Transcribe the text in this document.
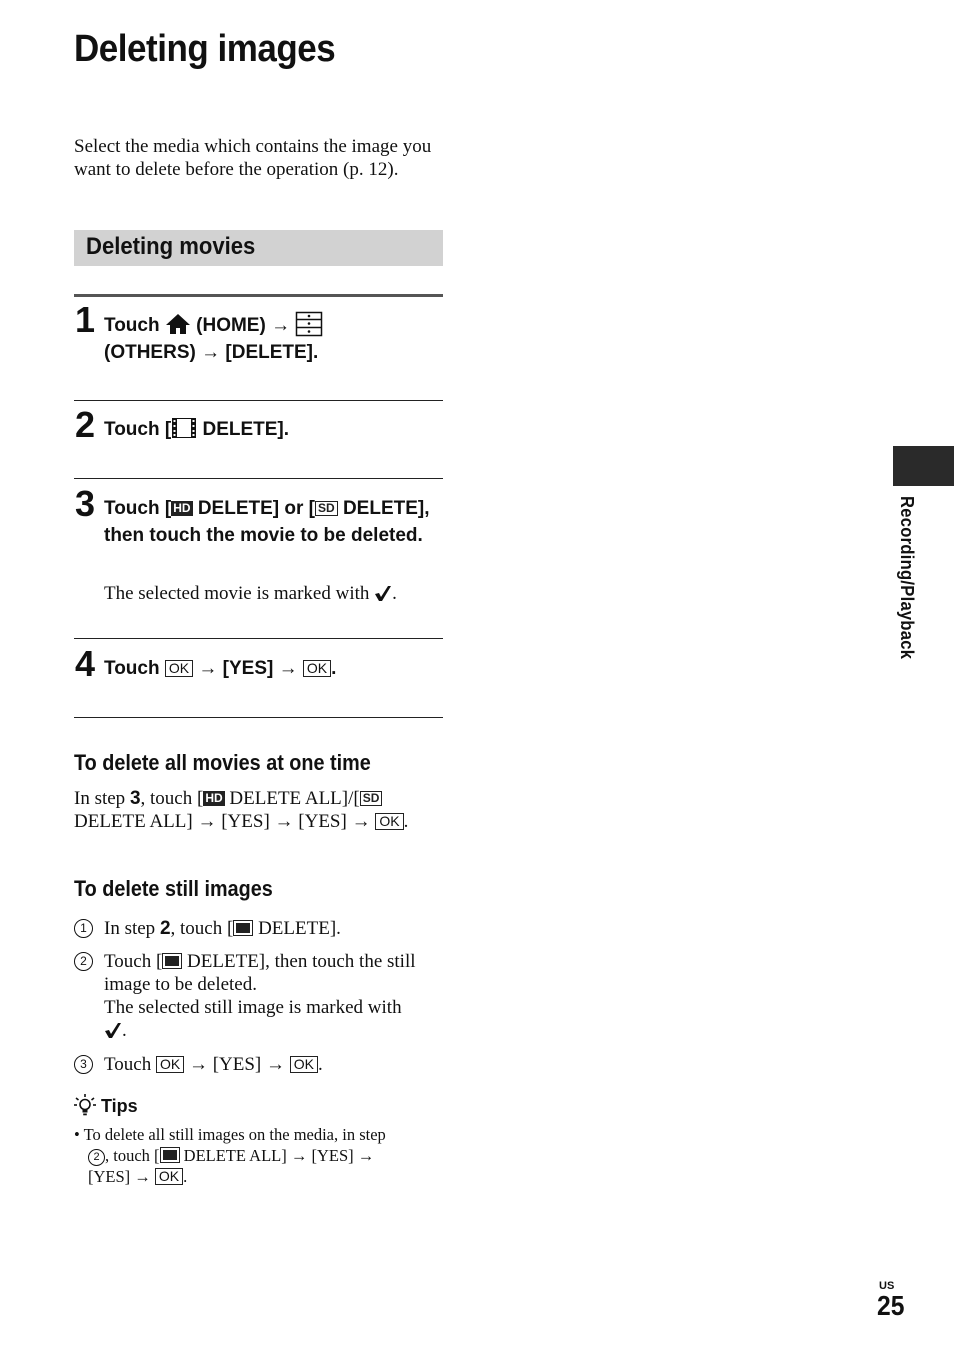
Deleting images
Select the media which contains the image you want to delete before the operation (p. 12).
Deleting movies
1 Touch (HOME) →
(OTHERS) → [DELETE].
2 Touch [ DELETE].
3 Touch [ HD DELETE] or [ SD DELETE], then touch the movie to be deleted.
The selected movie is marked with .
4 Touch OK → [YES] → OK .
To delete all movies at one time
In step 3, touch [ HD DELETE ALL]/[ SD DELETE ALL] → [YES] → [YES] → OK .
To delete still images
1 In step 2, touch [ DELETE].
2 Touch [ DELETE], then touch the still image to be deleted.
The selected still image is marked with
.
3 Touch OK → [YES] → OK .
Tips
• To delete all still images on the media, in step
2 , touch [ DELETE ALL] → [YES] →
[YES] → OK .
Recording/Playback
US
25
